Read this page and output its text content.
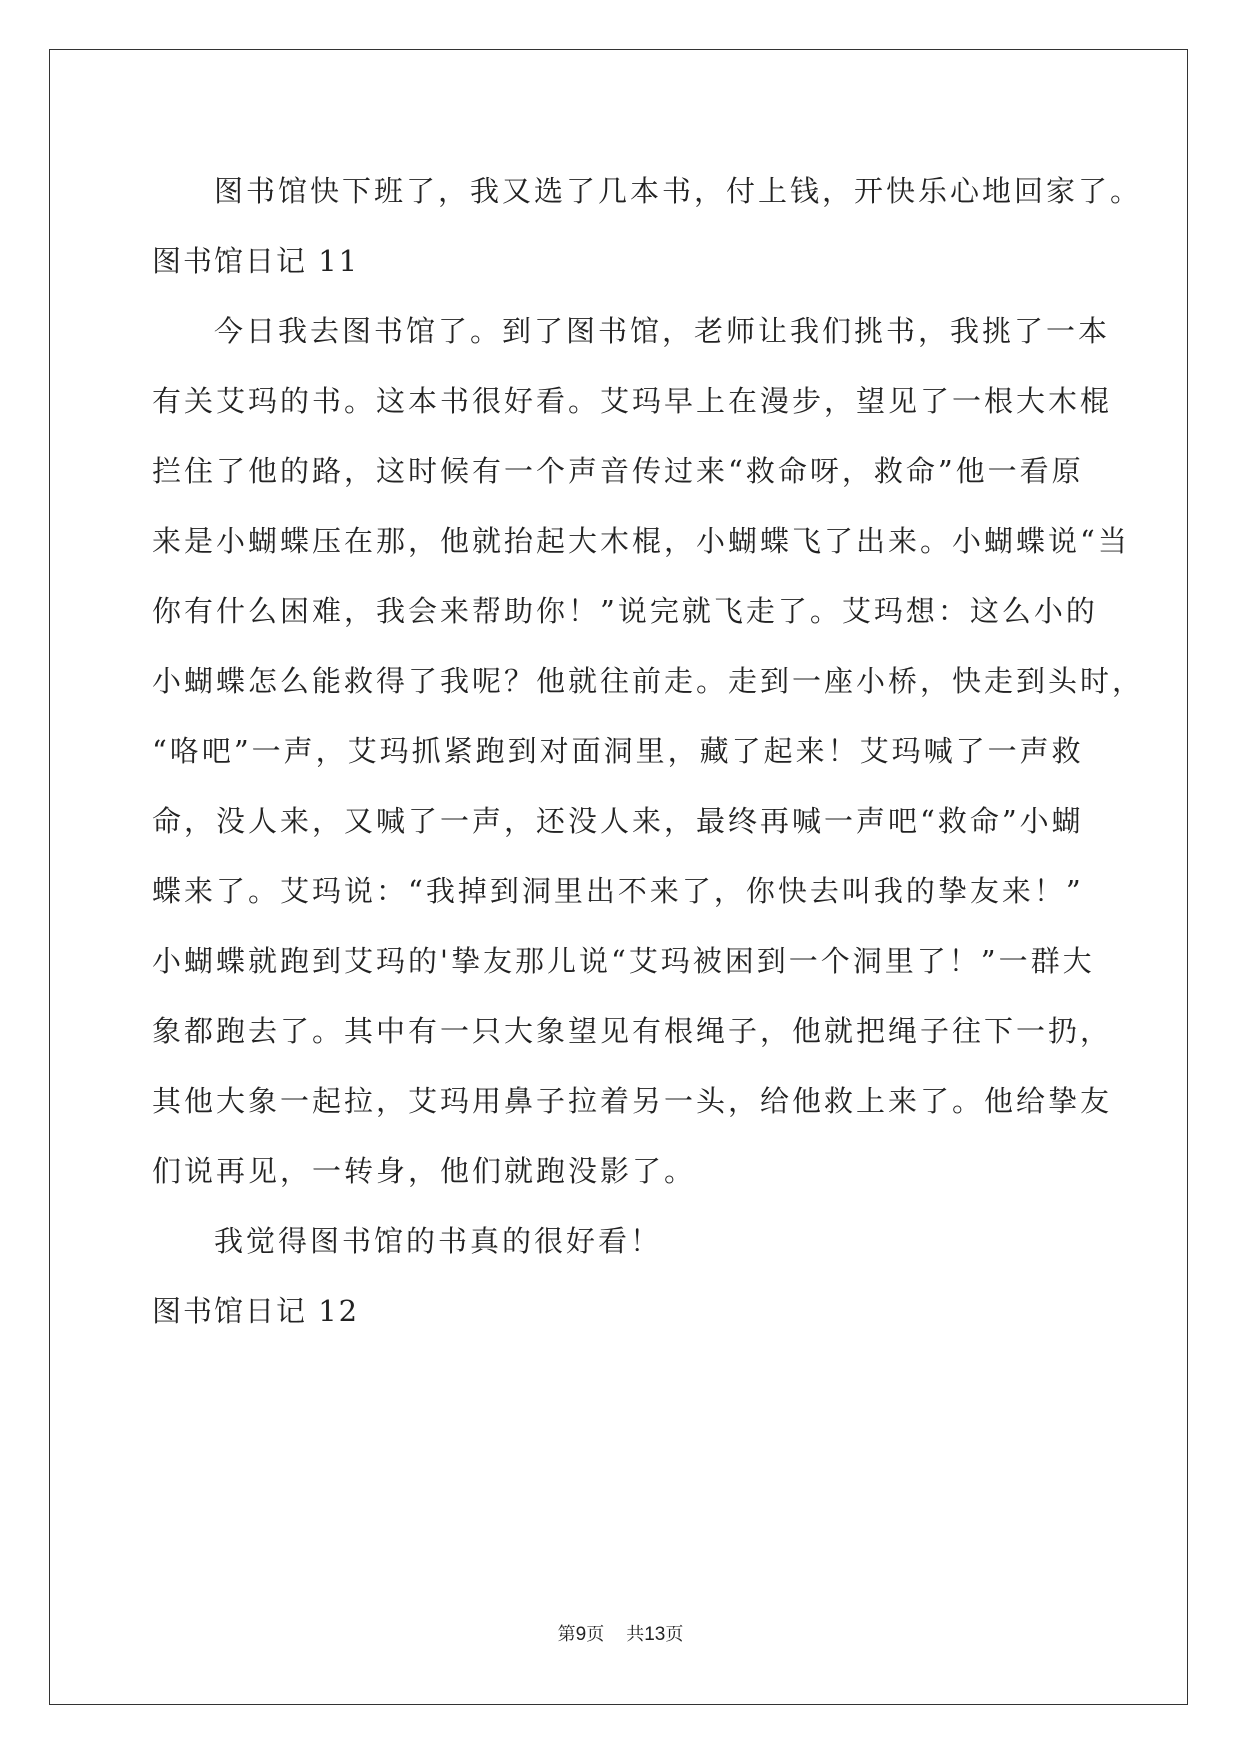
图书馆快下班了，我又选了几本书，付上钱，开快乐心地回家了。
图书馆日记 11
今日我去图书馆了。到了图书馆，老师让我们挑书，我挑了一本
有关艾玛的书。这本书很好看。艾玛早上在漫步，望见了一根大木棍
拦住了他的路，这时候有一个声音传过来“救命呀，救命”他一看原
来是小蝴蝶压在那，他就抬起大木棍，小蝴蝶飞了出来。小蝴蝶说“当
你有什么困难，我会来帮助你！”说完就飞走了。艾玛想：这么小的
小蝴蝶怎么能救得了我呢？他就往前走。走到一座小桥，快走到头时，
“咯吧”一声，艾玛抓紧跑到对面洞里，藏了起来！艾玛喊了一声救
命，没人来，又喊了一声，还没人来，最终再喊一声吧“救命”小蝴
蝶来了。艾玛说：“我掉到洞里出不来了，你快去叫我的挚友来！”
小蝴蝶就跑到艾玛的'挚友那儿说“艾玛被困到一个洞里了！”一群大
象都跑去了。其中有一只大象望见有根绳子，他就把绳子往下一扔，
其他大象一起拉，艾玛用鼻子拉着另一头，给他救上来了。他给挚友
们说再见，一转身，他们就跑没影了。
我觉得图书馆的书真的很好看！
图书馆日记 12
第9页 共13页
